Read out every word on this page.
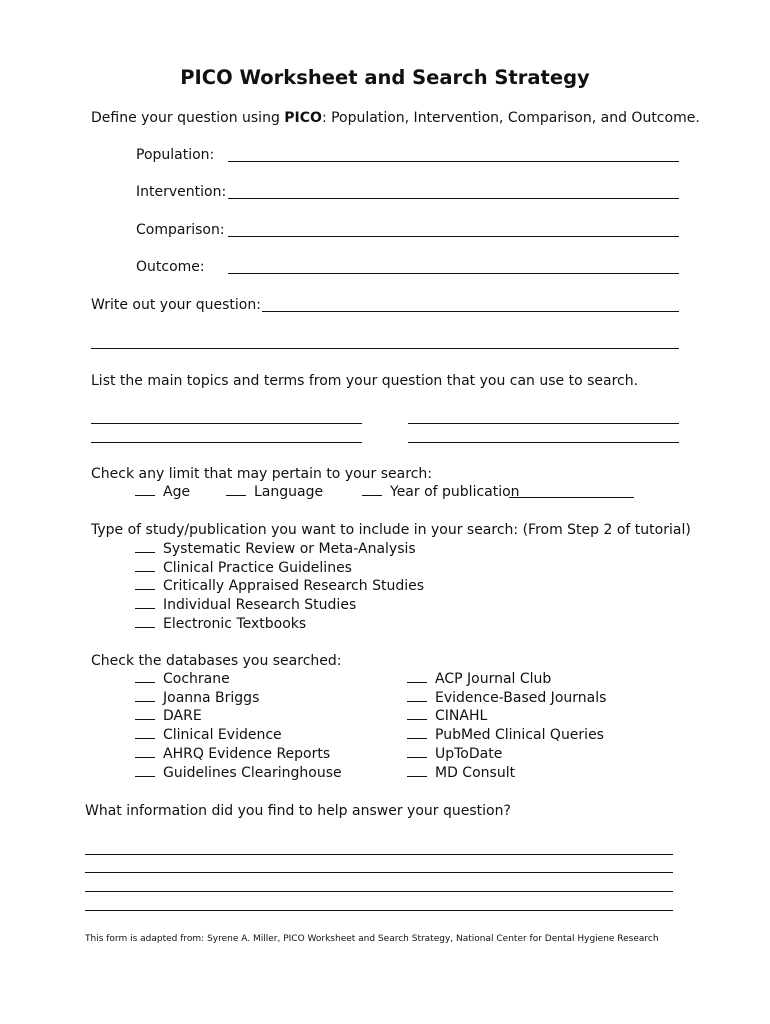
PICO Worksheet and Search Strategy
Define your question using PICO: Population, Intervention, Comparison, and Outcome.
Population:
Intervention:
Comparison:
Outcome:
Write out your question:
List the main topics and terms from your question that you can use to search.
Check any limit that may pertain to your search:
Age	Language	Year of publication
Type of study/publication you want to include in your search: (From Step 2 of tutorial)
Systematic Review or Meta-Analysis
Clinical Practice Guidelines
Critically Appraised Research Studies
Individual Research Studies
Electronic Textbooks
Check the databases you searched:
Cochrane
Joanna Briggs
DARE
Clinical Evidence
AHRQ Evidence Reports
Guidelines Clearinghouse
ACP Journal Club
Evidence-Based Journals
CINAHL
PubMed Clinical Queries
UpToDate
MD Consult
What information did you find to help answer your question?
This form is adapted from: Syrene A. Miller, PICO Worksheet and Search Strategy, National Center for Dental Hygiene Research
